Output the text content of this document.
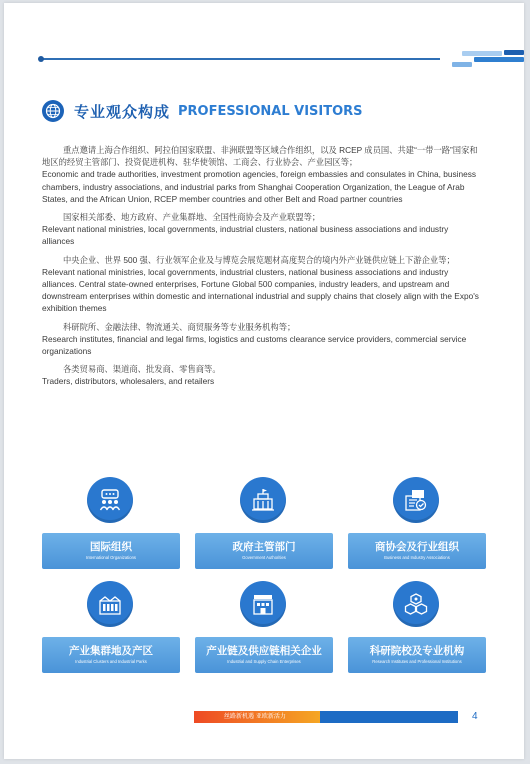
专业观众构成 PROFESSIONAL VISITORS

重点邀请上海合作组织、阿拉伯国家联盟、非洲联盟等区域合作组织，以及 RCEP 成员国、共建“一带一路”国家和地区的经贸主管部门、投资促进机构、驻华使领馆、工商会、行业协会、产业园区等；

Economic and trade authorities, investment promotion agencies, foreign embassies and consulates in China, business chambers, industry associations, and industrial parks from Shanghai Cooperation Organization, the League of Arab States, and the African Union, RCEP member countries and other Belt and Road partner countries

国家相关部委、地方政府、产业集群地、全国性商协会及产业联盟等；

Relevant national ministries, local governments, industrial clusters, national business associations and industry alliances

中央企业、世界 500 强、行业领军企业及与博览会展览题材高度契合的境内外产业链供应链上下游企业等；

Relevant national ministries, local governments, industrial clusters, national business associations and industry alliances. Central state-owned enterprises, Fortune Global 500 companies, industry leaders, and upstream and downstream enterprises within domestic and international industrial and supply chains that closely align with the Expo's exhibition themes

科研院所、金融法律、物流通关、商贸服务等专业服务机构等；

Research institutes, financial and legal firms, logistics and customs clearance service providers, commercial service organizations

各类贸易商、渠道商、批发商、零售商等。

Traders, distributors, wholesalers, and retailers

国际组织
International Organizations
政府主管部门
Government Authorities
商协会及行业组织
Business and Industry Associations
产业集群地及产区
Industrial Clusters and Industrial Parks
产业链及供应链相关企业
Industrial and Supply Chain Enterprises
科研院校及专业机构
Research Institutes and Professional Institutions
丝路新机遇 亚欧新活力	4
